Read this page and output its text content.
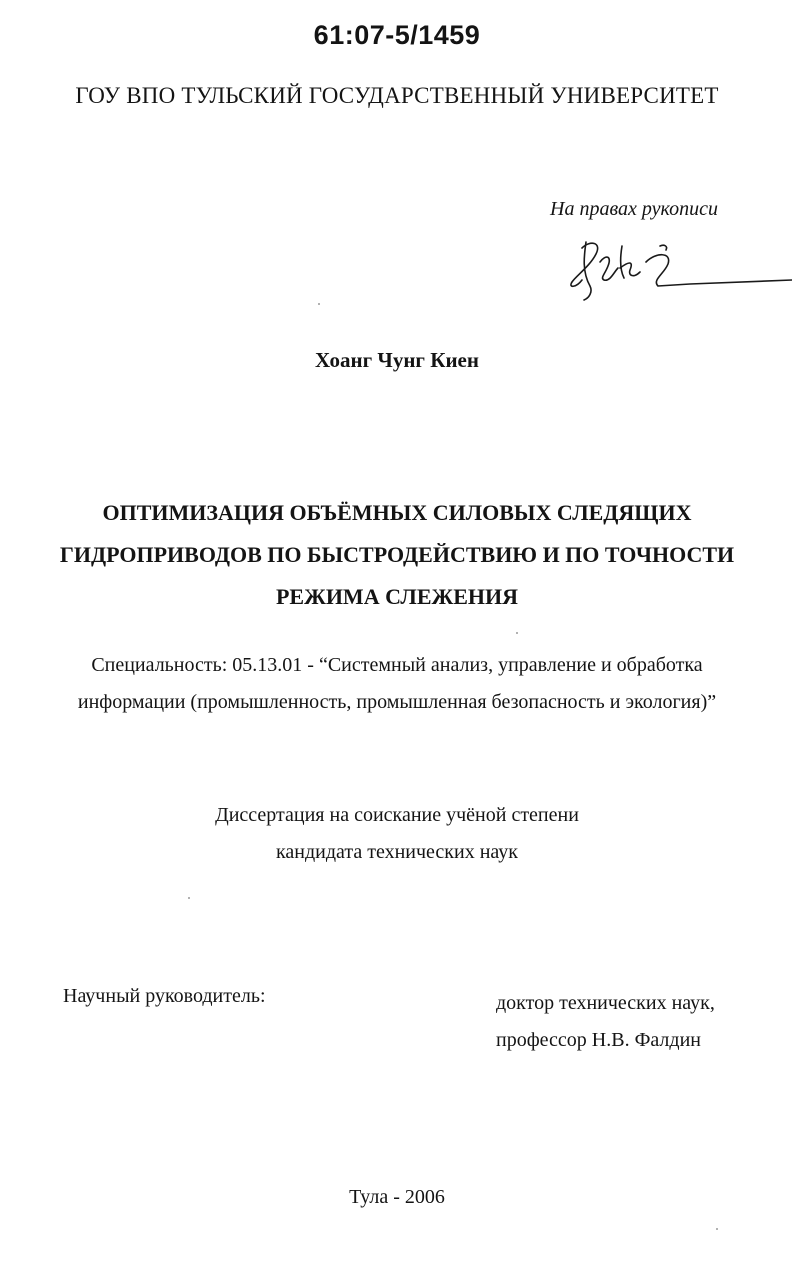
61:07-5/1459
ГОУ ВПО ТУЛЬСКИЙ ГОСУДАРСТВЕННЫЙ УНИВЕРСИТЕТ
На правах рукописи
Хоанг Чунг Киен
ОПТИМИЗАЦИЯ ОБЪЁМНЫХ СИЛОВЫХ СЛЕДЯЩИХ
ГИДРОПРИВОДОВ ПО БЫСТРОДЕЙСТВИЮ И ПО ТОЧНОСТИ
РЕЖИМА СЛЕЖЕНИЯ
Специальность: 05.13.01 - “Системный анализ, управление и обработка
информации (промышленность, промышленная безопасность и экология)”
Диссертация на соискание учёной степени
кандидата технических наук
Научный руководитель:	доктор технических наук,
профессор Н.В. Фалдин
Тула - 2006
